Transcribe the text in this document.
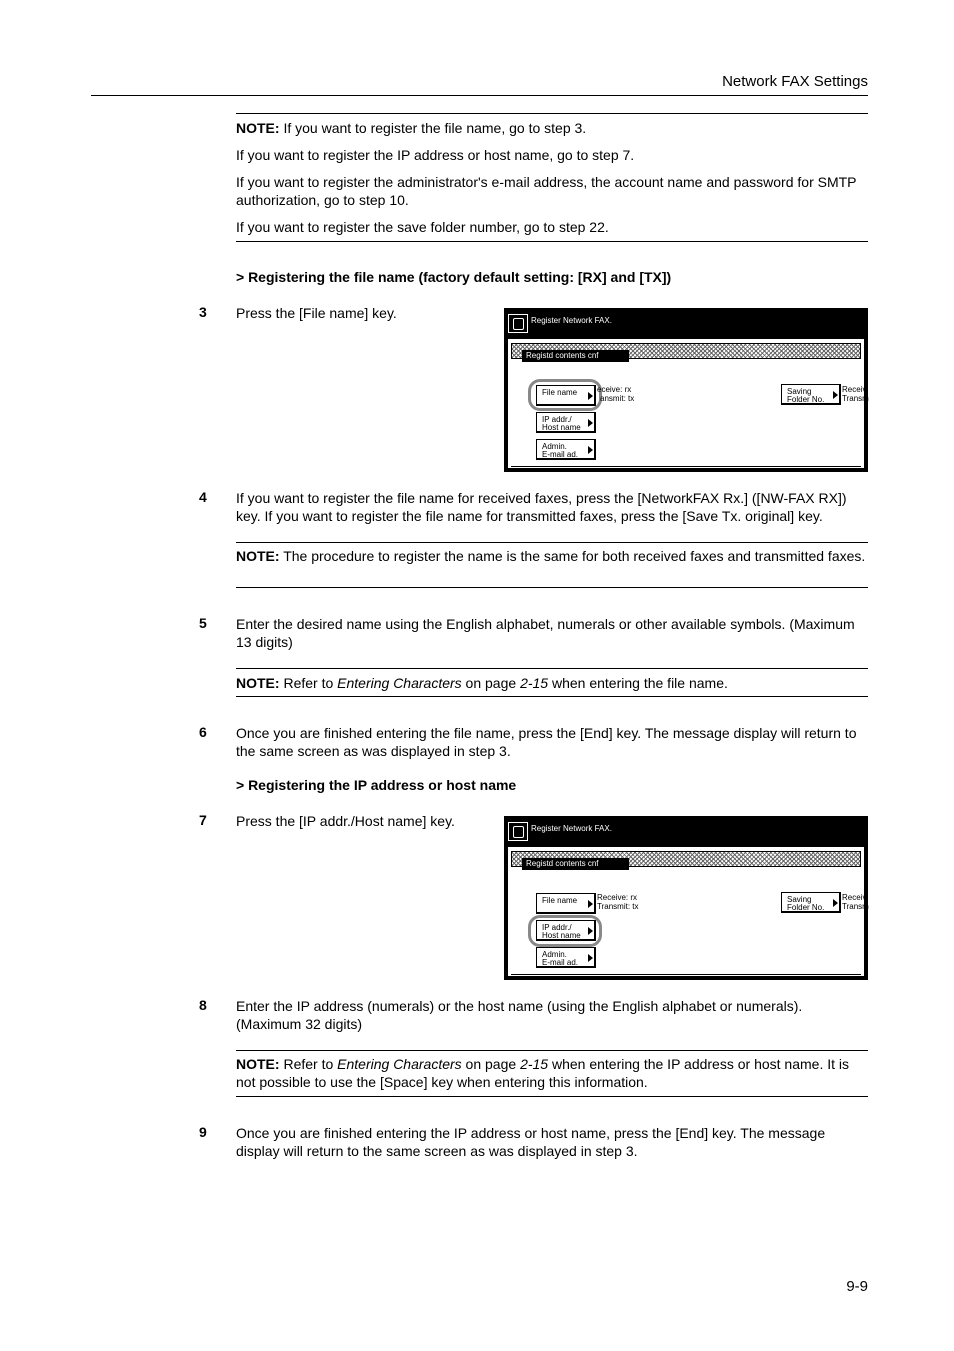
Network FAX Settings
NOTE: If you want to register the file name, go to step 3.
If you want to register the IP address or host name, go to step 7.
If you want to register the administrator's e-mail address, the account name and password for SMTP authorization, go to step 10.
If you want to register the save folder number, go to step 22.
> Registering the file name (factory default setting: [RX] and [TX])
3	Press the [File name] key.	Register Network FAX.
Registd contents cnf
File name	eceive: rx
ansmit: tx
IP addr./
Host name
Admin.
E-mail ad.
Saving
Folder No.
Receiv
Transm
4	If you want to register the file name for received faxes, press the [NetworkFAX Rx.] ([NW-FAX RX]) key. If you want to register the file name for transmitted faxes, press the [Save Tx. original] key.
NOTE: The procedure to register the name is the same for both received faxes and transmitted faxes.
5	Enter the desired name using the English alphabet, numerals or other available symbols. (Maximum 13 digits)
NOTE: Refer to Entering Characters on page 2-15 when entering the file name.
6	Once you are finished entering the file name, press the [End] key. The message display will return to the same screen as was displayed in step 3.
> Registering the IP address or host name
7	Press the [IP addr./Host name] key.	Register Network FAX.
Registd contents cnf
File name	Receive: rx
Transmit: tx
IP addr./
Host name
Admin.
E-mail ad.
Saving
Folder No.
Receiv
Transm
8	Enter the IP address (numerals) or the host name (using the English alphabet or numerals). (Maximum 32 digits)
NOTE: Refer to Entering Characters on page 2-15 when entering the IP address or host name. It is not possible to use the [Space] key when entering this information.
9	Once you are finished entering the IP address or host name, press the [End] key. The message display will return to the same screen as was displayed in step 3.
9-9
